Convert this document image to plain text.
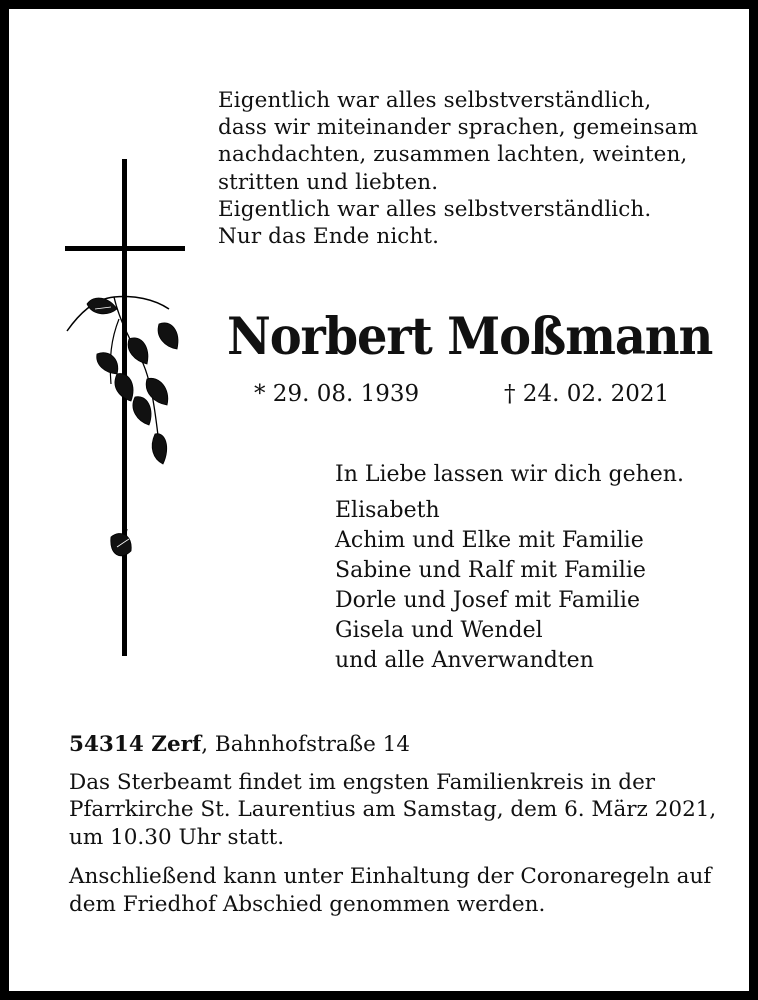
Eigentlich war alles selbstverständlich,
dass wir miteinander sprachen, gemeinsam
nachdachten, zusammen lachten, weinten,
stritten und liebten.
Eigentlich war alles selbstverständlich.
Nur das Ende nicht.
Norbert Moßmann
* 29. 08. 1939	† 24. 02. 2021
In Liebe lassen wir dich gehen.
Elisabeth
Achim und Elke mit Familie
Sabine und Ralf mit Familie
Dorle und Josef mit Familie
Gisela und Wendel
und alle Anverwandten

54314 Zerf, Bahnhofstraße 14

Das Sterbeamt findet im engsten Familienkreis in der Pfarrkirche St. Laurentius am Samstag, dem 6. März 2021, um 10.30 Uhr statt.

Anschließend kann unter Einhaltung der Coronaregeln auf dem Friedhof Abschied genommen werden.
